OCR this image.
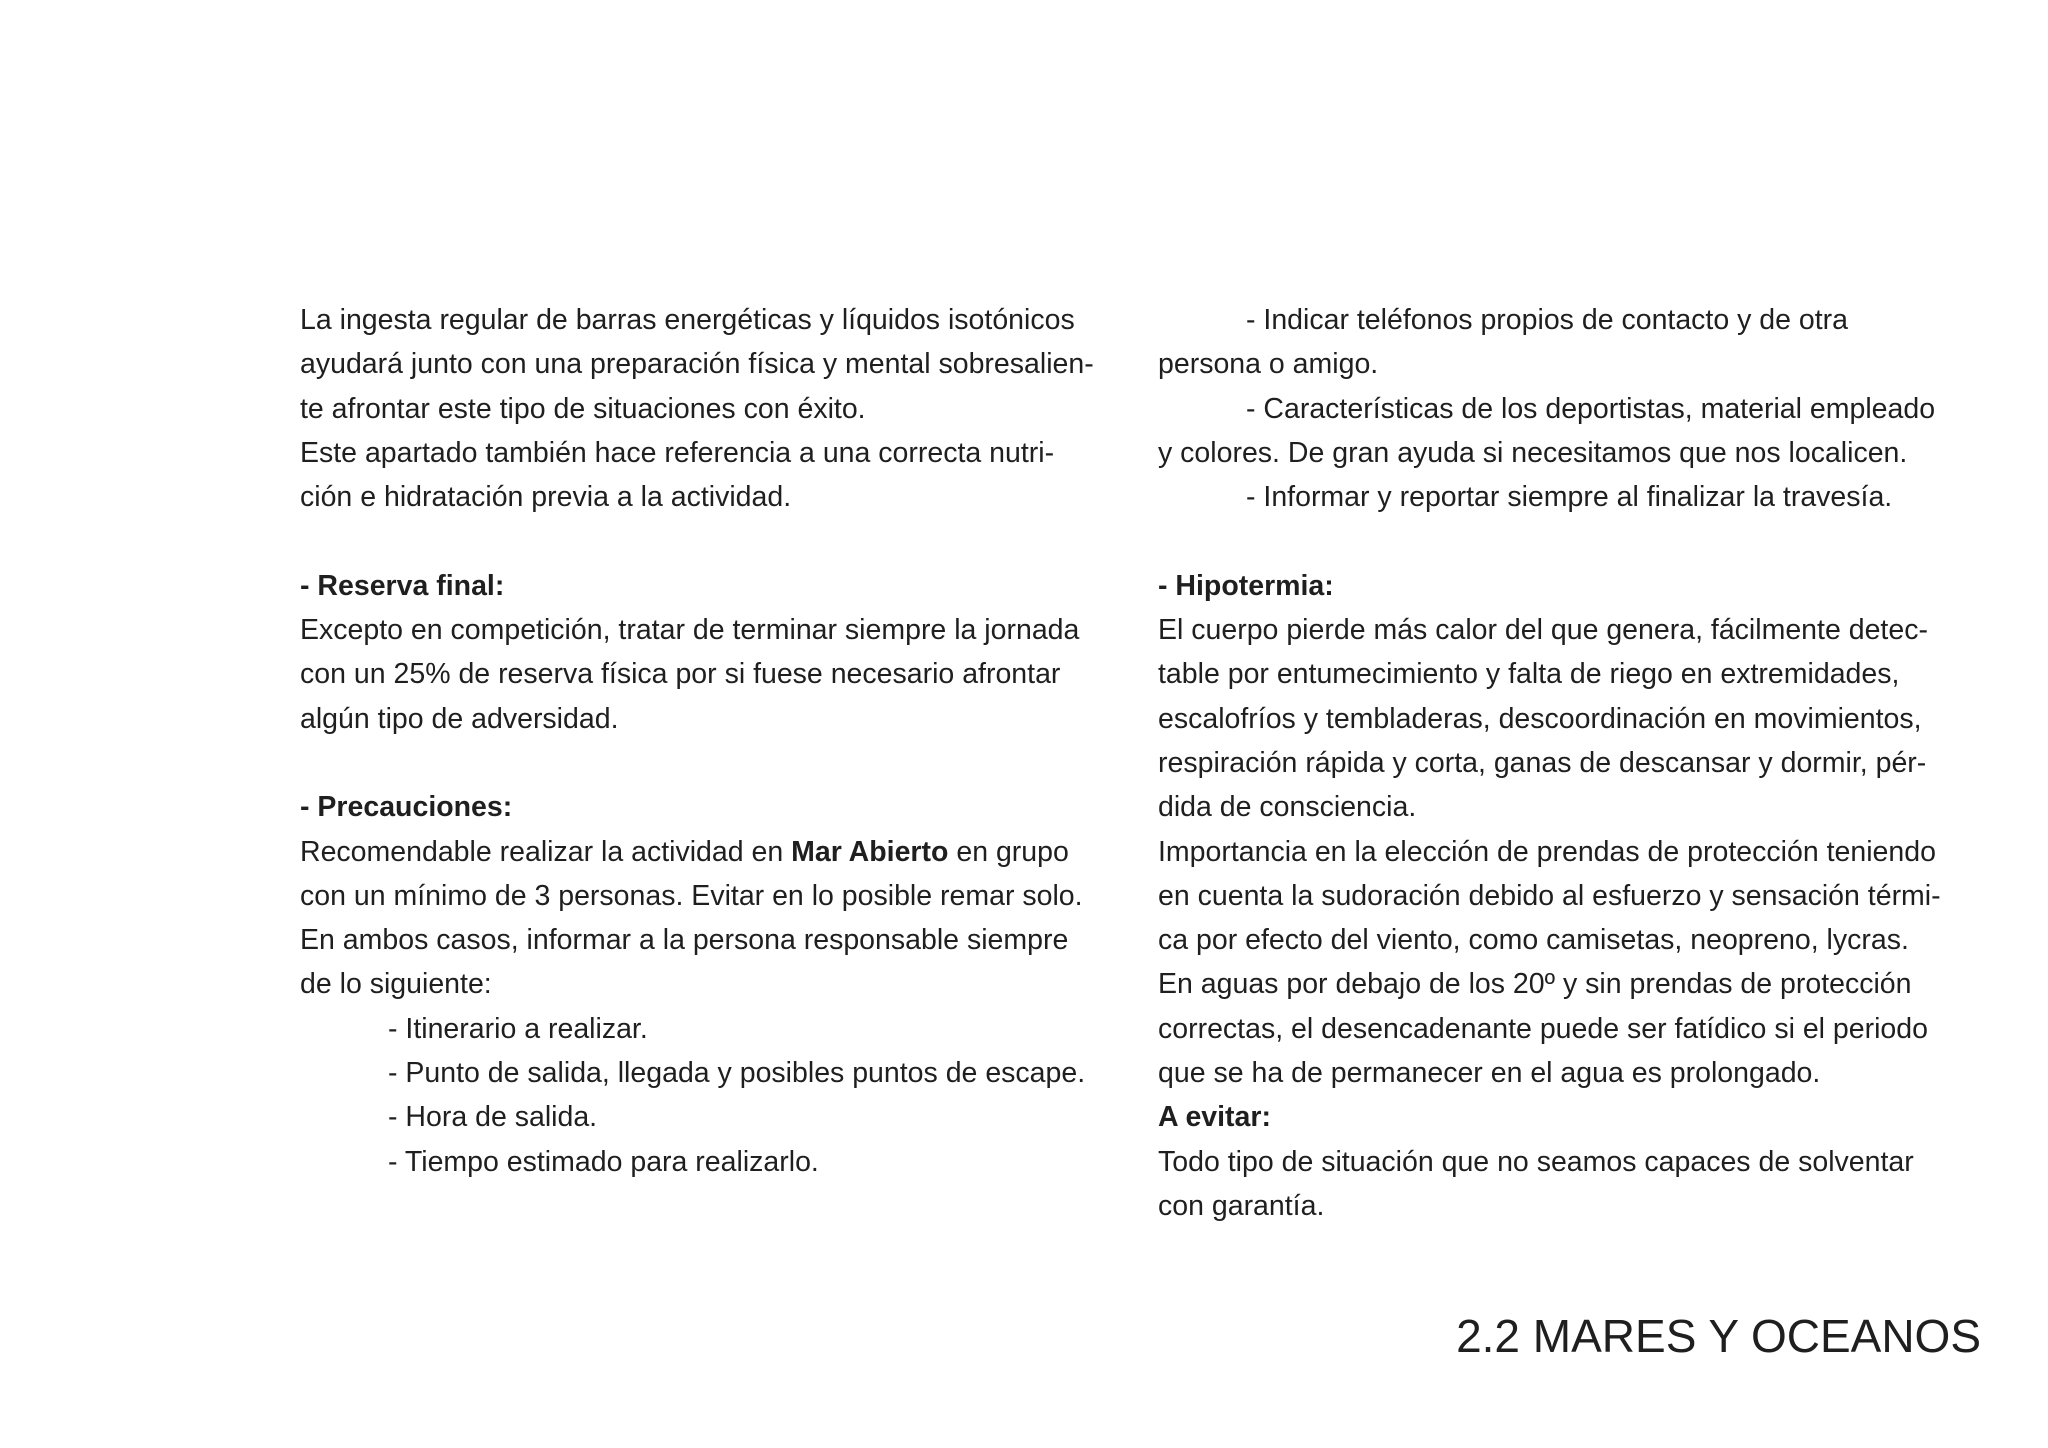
La ingesta regular de barras energéticas y líquidos isotónicos
ayudará junto con una preparación física y mental sobresalien-
te afrontar este tipo de situaciones con éxito.
Este apartado también hace referencia a una correcta nutri-
ción e hidratación previa a la actividad.
- Reserva final:
Excepto en competición, tratar de terminar siempre la jornada
con un 25% de reserva física por si fuese necesario afrontar
algún tipo de adversidad.
- Precauciones:
Recomendable realizar la actividad en Mar Abierto en grupo
con un mínimo de 3 personas. Evitar en lo posible remar solo.
En ambos casos, informar a la persona responsable siempre
de lo siguiente:
- Itinerario a realizar.
- Punto de salida, llegada y posibles puntos de escape.
- Hora de salida.
- Tiempo estimado para realizarlo.
- Indicar teléfonos propios de contacto y de otra
persona o amigo.
- Características de los deportistas, material empleado
y colores. De gran ayuda si necesitamos que nos localicen.
- Informar y reportar siempre al finalizar la travesía.
- Hipotermia:
El cuerpo pierde más calor del que genera, fácilmente detec-
table por entumecimiento y falta de riego en extremidades,
escalofríos y tembladeras, descoordinación en movimientos,
respiración rápida y corta, ganas de descansar y dormir, pér-
dida de consciencia.
Importancia en la elección de prendas de protección teniendo
en cuenta la sudoración debido al esfuerzo y sensación térmi-
ca por efecto del viento, como camisetas, neopreno, lycras.
En aguas por debajo de los 20º y sin prendas de protección
correctas, el desencadenante puede ser fatídico si el periodo
que se ha de permanecer en el agua es prolongado.
A evitar:
Todo tipo de situación que no seamos capaces de solventar
con garantía.
2.2 MARES Y OCEANOS
